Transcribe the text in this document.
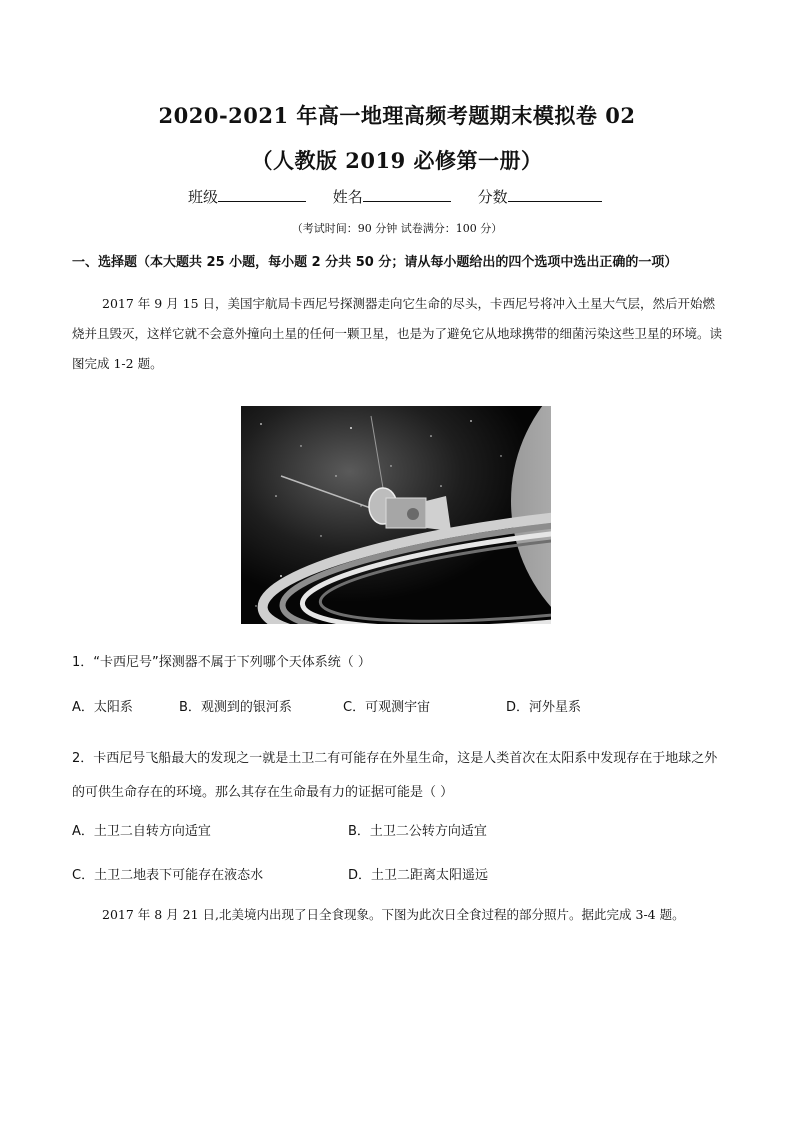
2020-2021 年高一地理高频考题期末模拟卷 02
（人教版 2019 必修第一册）
班级	姓名	分数
（考试时间：90 分钟 试卷满分：100 分）
一、选择题（本大题共 25 小题，每小题 2 分共 50 分；请从每小题给出的四个选项中选出正确的一项）
2017 年 9 月 15 日，美国宇航局卡西尼号探测器走向它生命的尽头，卡西尼号将冲入土星大气层，然后开始燃烧并且毁灭，这样它就不会意外撞向土星的任何一颗卫星，也是为了避免它从地球携带的细菌污染这些卫星的环境。读图完成 1-2 题。
1．“卡西尼号”探测器不属于下列哪个天体系统（ ）
A．太阳系	B．观测到的银河系	C．可观测宇宙	D．河外星系
2．卡西尼号飞船最大的发现之一就是土卫二有可能存在外星生命，这是人类首次在太阳系中发现存在于地球之外的可供生命存在的环境。那么其存在生命最有力的证据可能是（ ）
A．土卫二自转方向适宜	B．土卫二公转方向适宜
C．土卫二地表下可能存在液态水	D．土卫二距离太阳遥远
2017 年 8 月 21 日,北美境内出现了日全食现象。下图为此次日全食过程的部分照片。据此完成 3-4 题。
